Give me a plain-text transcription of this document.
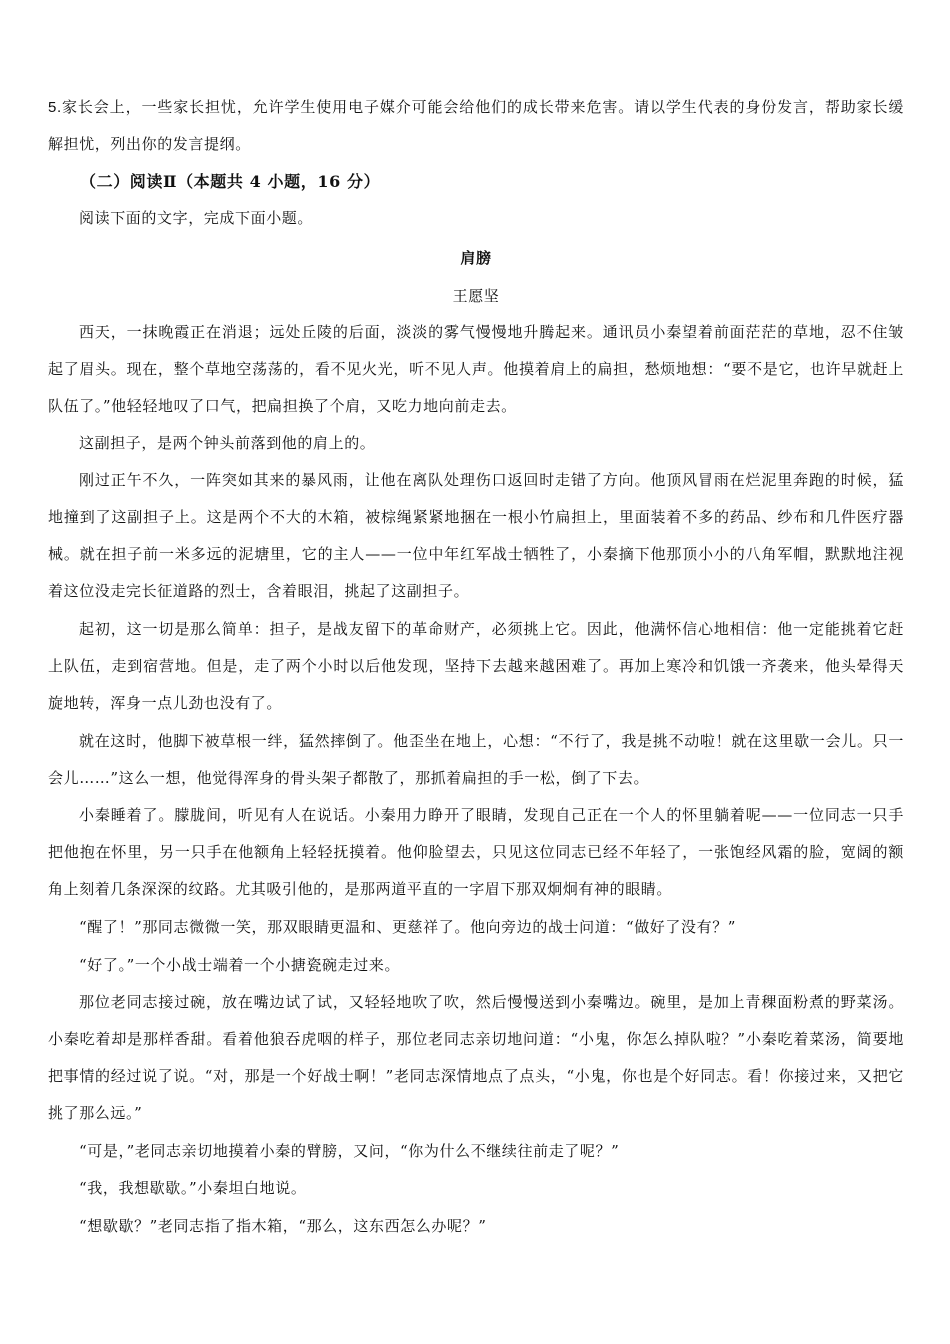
5.家长会上，一些家长担忧，允许学生使用电子媒介可能会给他们的成长带来危害。请以学生代表的身份发言，帮助家长缓解担忧，列出你的发言提纲。
（二）阅读Ⅱ（本题共 4 小题，16 分）
阅读下面的文字，完成下面小题。
肩膀
王愿坚
西天，一抹晚霞正在消退；远处丘陵的后面，淡淡的雾气慢慢地升腾起来。通讯员小秦望着前面茫茫的草地，忍不住皱起了眉头。现在，整个草地空荡荡的，看不见火光，听不见人声。他摸着肩上的扁担，愁烦地想：“要不是它，也许早就赶上队伍了。”他轻轻地叹了口气，把扁担换了个肩，又吃力地向前走去。
这副担子，是两个钟头前落到他的肩上的。
刚过正午不久，一阵突如其来的暴风雨，让他在离队处理伤口返回时走错了方向。他顶风冒雨在烂泥里奔跑的时候，猛地撞到了这副担子上。这是两个不大的木箱，被棕绳紧紧地捆在一根小竹扁担上，里面装着不多的药品、纱布和几件医疗器械。就在担子前一米多远的泥塘里，它的主人——一位中年红军战士牺牲了，小秦摘下他那顶小小的八角军帽，默默地注视着这位没走完长征道路的烈士，含着眼泪，挑起了这副担子。
起初，这一切是那么简单：担子，是战友留下的革命财产，必须挑上它。因此，他满怀信心地相信：他一定能挑着它赶上队伍，走到宿营地。但是，走了两个小时以后他发现，坚持下去越来越困难了。再加上寒冷和饥饿一齐袭来，他头晕得天旋地转，浑身一点儿劲也没有了。
就在这时，他脚下被草根一绊，猛然摔倒了。他歪坐在地上，心想：“不行了，我是挑不动啦！就在这里歇一会儿。只一会儿……”这么一想，他觉得浑身的骨头架子都散了，那抓着扁担的手一松，倒了下去。
小秦睡着了。朦胧间，听见有人在说话。小秦用力睁开了眼睛，发现自己正在一个人的怀里躺着呢——一位同志一只手把他抱在怀里，另一只手在他额角上轻轻抚摸着。他仰脸望去，只见这位同志已经不年轻了，一张饱经风霜的脸，宽阔的额角上刻着几条深深的纹路。尤其吸引他的，是那两道平直的一字眉下那双炯炯有神的眼睛。
“醒了！”那同志微微一笑，那双眼睛更温和、更慈祥了。他向旁边的战士问道：“做好了没有？”
“好了。”一个小战士端着一个小搪瓷碗走过来。
那位老同志接过碗，放在嘴边试了试，又轻轻地吹了吹，然后慢慢送到小秦嘴边。碗里，是加上青稞面粉煮的野菜汤。小秦吃着却是那样香甜。看着他狼吞虎咽的样子，那位老同志亲切地问道：“小鬼，你怎么掉队啦？”小秦吃着菜汤，简要地把事情的经过说了说。“对，那是一个好战士啊！”老同志深情地点了点头，“小鬼，你也是个好同志。看！你接过来，又把它挑了那么远。”
“可是，”老同志亲切地摸着小秦的臂膀，又问，“你为什么不继续往前走了呢？”
“我，我想歇歇。”小秦坦白地说。
“想歇歇？”老同志指了指木箱，“那么，这东西怎么办呢？”
